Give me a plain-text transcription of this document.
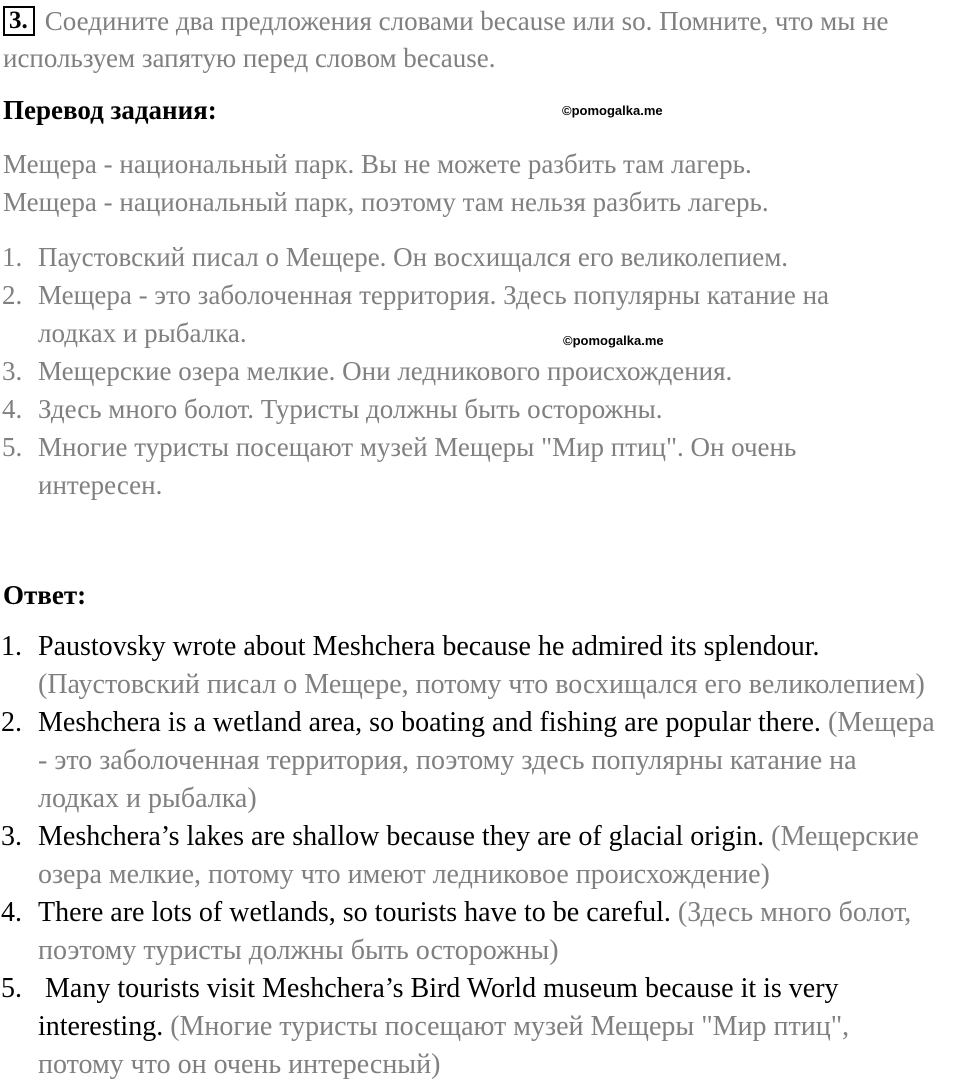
3. Соедините два предложения словами because или so. Помните, что мы не
используем запятую перед словом because.
Перевод задания:	©pomogalka.me
Мещера - национальный парк. Вы не можете разбить там лагерь.
Мещера - национальный парк, поэтому там нельзя разбить лагерь.
1. Паустовский писал о Мещере. Он восхищался его великолепием.
2. Мещера - это заболоченная территория. Здесь популярны катание на
лодках и рыбалка.
3. Мещерские озера мелкие. Они ледникового происхождения.
4. Здесь много болот. Туристы должны быть осторожны.
5. Многие туристы посещают музей Мещеры "Мир птиц". Он очень
интересен.
©pomogalka.me
Ответ:
1. Paustovsky wrote about Meshchera because he admired its splendour.
(Паустовский писал о Мещере, потому что восхищался его великолепием)
2. Meshchera is a wetland area, so boating and fishing are popular there. (Мещера
- это заболоченная территория, поэтому здесь популярны катание на
лодках и рыбалка)
3. Meshchera’s lakes are shallow because they are of glacial origin. (Мещерские
озера мелкие, потому что имеют ледниковое происхождение)
4. There are lots of wetlands, so tourists have to be careful. (Здесь много болот,
поэтому туристы должны быть осторожны)
5. Many tourists visit Meshchera’s Bird World museum because it is very
interesting. (Многие туристы посещают музей Мещеры "Мир птиц",
потому что он очень интересный)
